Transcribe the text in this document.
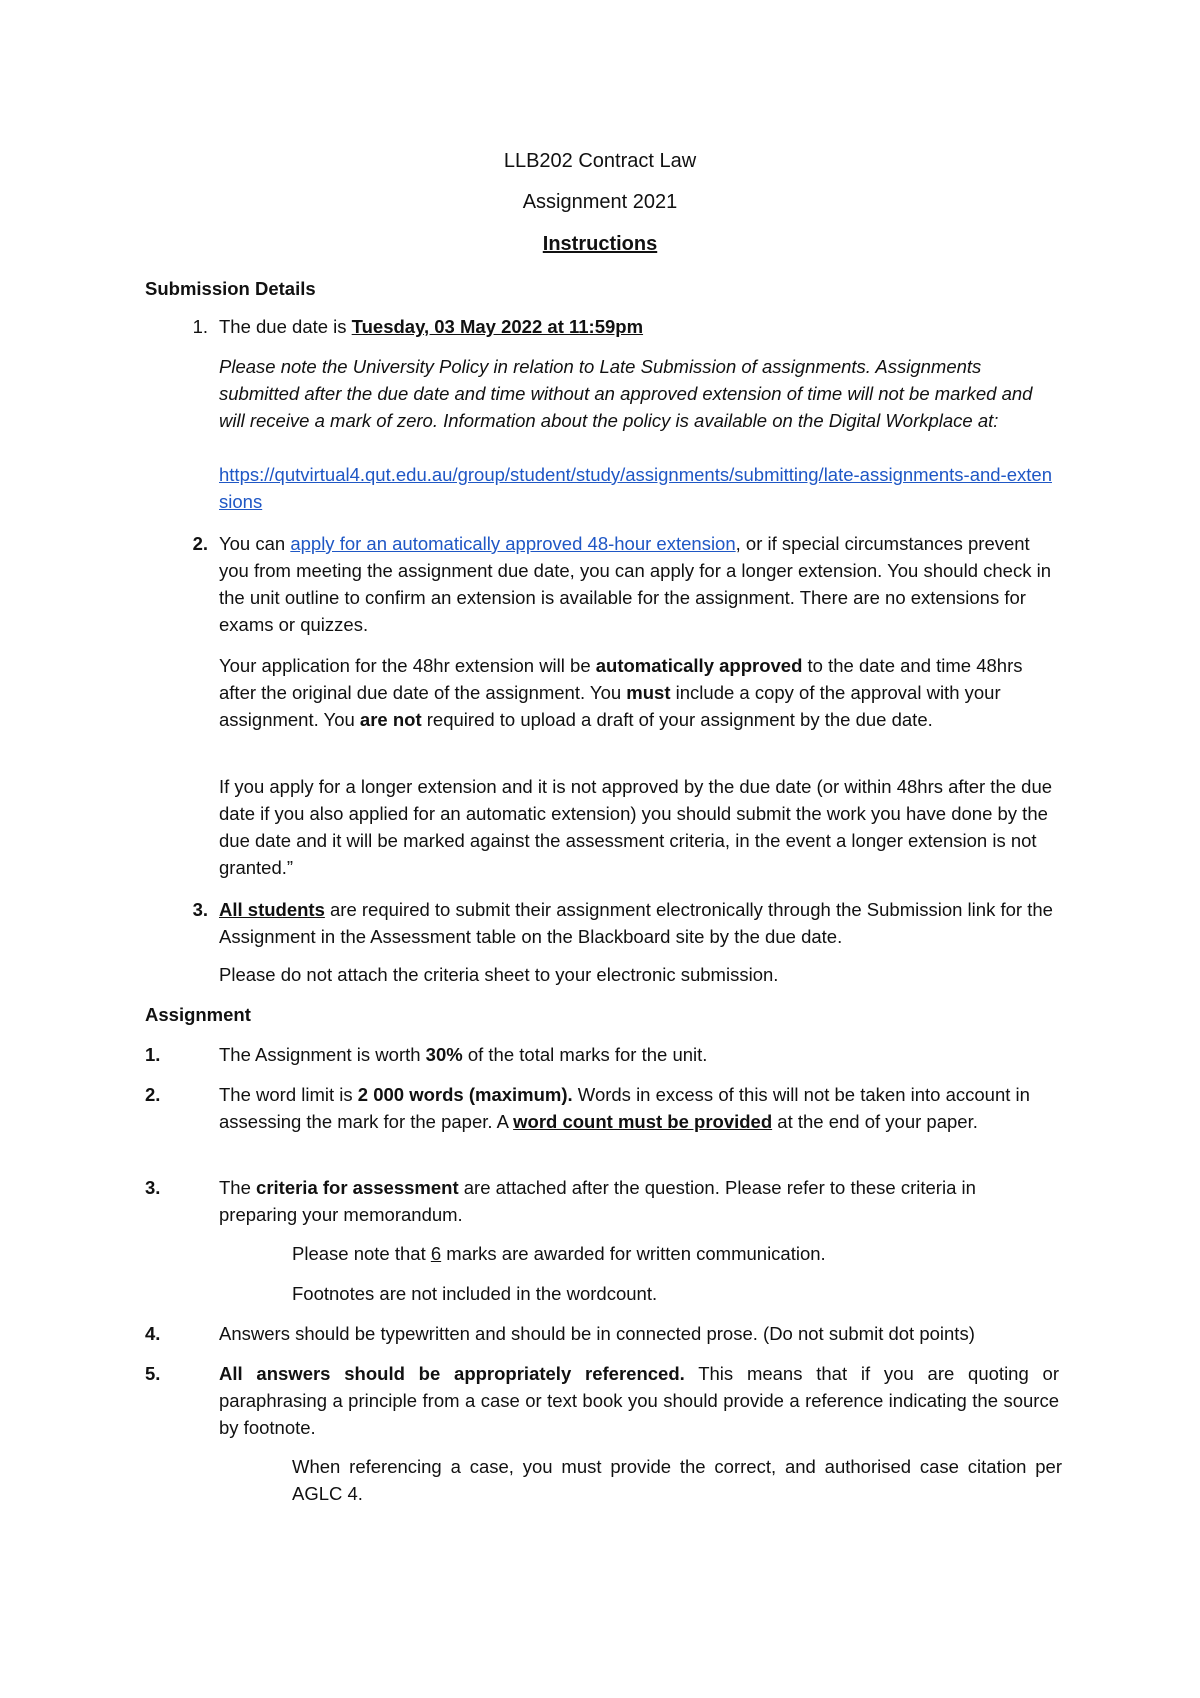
LLB202 Contract Law
Assignment 2021
Instructions
Submission Details
1. The due date is Tuesday, 03 May 2022 at 11:59pm
Please note the University Policy in relation to Late Submission of assignments. Assignments submitted after the due date and time without an approved extension of time will not be marked and will receive a mark of zero. Information about the policy is available on the Digital Workplace at:
https://qutvirtual4.qut.edu.au/group/student/study/assignments/submitting/late-assignments-and-extensions
2. You can apply for an automatically approved 48-hour extension, or if special circumstances prevent you from meeting the assignment due date, you can apply for a longer extension. You should check in the unit outline to confirm an extension is available for the assignment. There are no extensions for exams or quizzes.
Your application for the 48hr extension will be automatically approved to the date and time 48hrs after the original due date of the assignment. You must include a copy of the approval with your assignment. You are not required to upload a draft of your assignment by the due date.
If you apply for a longer extension and it is not approved by the due date (or within 48hrs after the due date if you also applied for an automatic extension) you should submit the work you have done by the due date and it will be marked against the assessment criteria, in the event a longer extension is not granted.”
3. All students are required to submit their assignment electronically through the Submission link for the Assignment in the Assessment table on the Blackboard site by the due date.
Please do not attach the criteria sheet to your electronic submission.
Assignment
1.	The Assignment is worth 30% of the total marks for the unit.
2.	The word limit is 2 000 words (maximum). Words in excess of this will not be taken into account in assessing the mark for the paper. A word count must be provided at the end of your paper.
3.	The criteria for assessment are attached after the question. Please refer to these criteria in preparing your memorandum.
Please note that 6 marks are awarded for written communication.
Footnotes are not included in the wordcount.
4.	Answers should be typewritten and should be in connected prose. (Do not submit dot points)
5.	All answers should be appropriately referenced. This means that if you are quoting or paraphrasing a principle from a case or text book you should provide a reference indicating the source by footnote.
When referencing a case, you must provide the correct, and authorised case citation per AGLC 4.
